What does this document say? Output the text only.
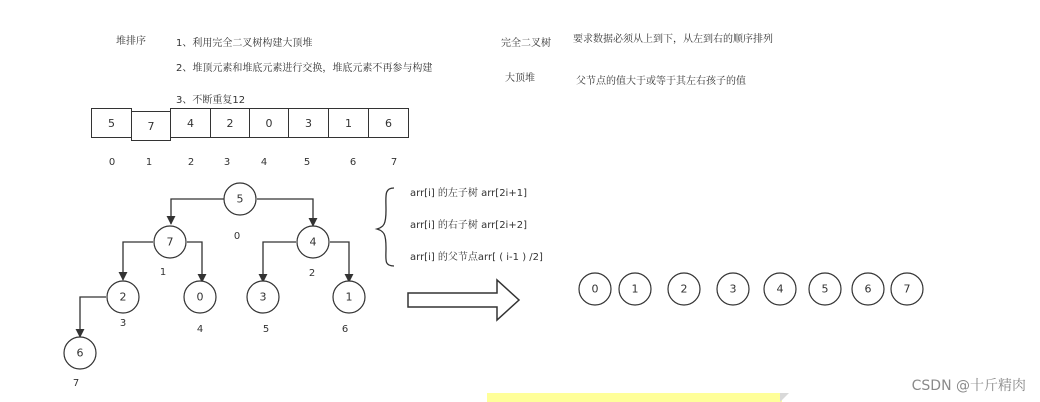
堆排序	1、利用完全二叉树构建大顶堆
2、堆顶元素和堆底元素进行交换，堆底元素不再参与构建
3、不断重复12
完全二叉树 要求数据必须从上到下，从左到右的顺序排列
大顶堆	父节点的值大于或等于其左右孩子的值
5	7	4	2	0	3	1	6
0	1	2	3	4	5	6	7
5
0
7
1
4
2
2
3
0
4
3
5
1
6
6
7
arr[i] 的左子树 arr[2i+1]
arr[i] 的右子树 arr[2i+2]
arr[i] 的父节点arr[ ( i-1 ) /2]
0	1	2	3	4	5	6	7
CSDN @十斤精肉
